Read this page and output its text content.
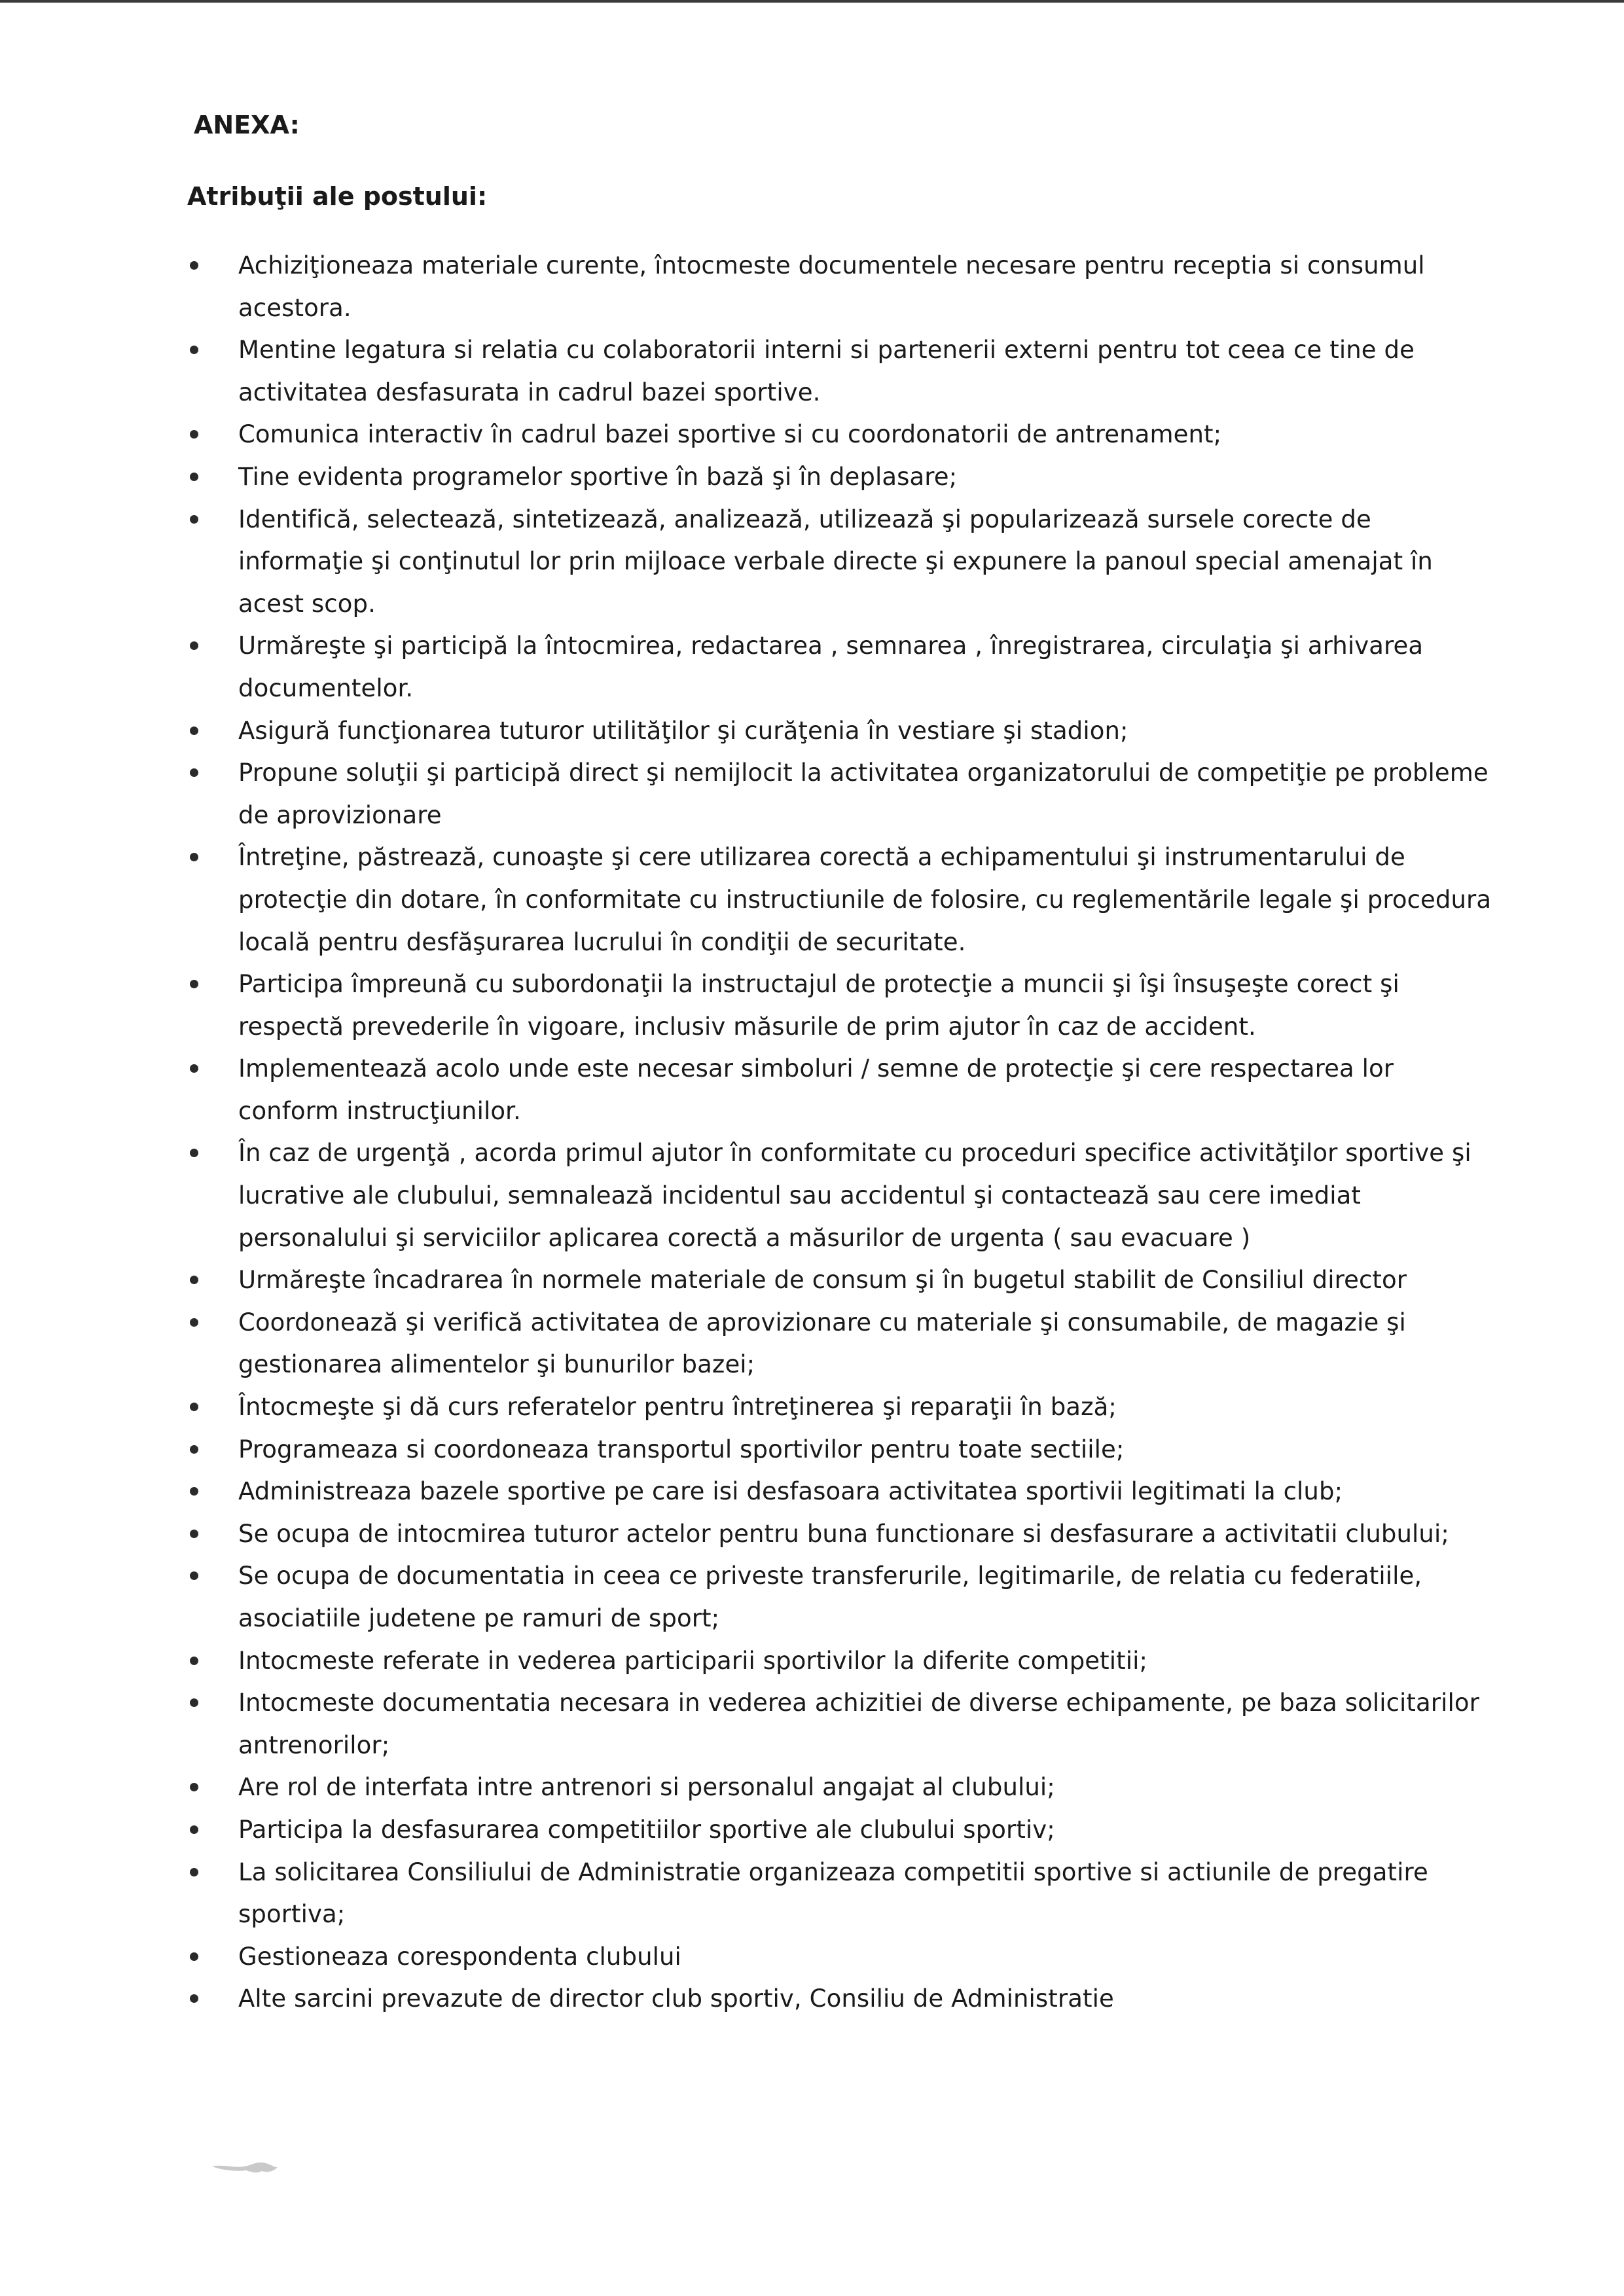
ANEXA:
Atribuţii ale postului:
Achiziţioneaza materiale curente, întocmeste documentele necesare pentru receptia si consumul acestora.
Mentine legatura si relatia cu colaboratorii interni si partenerii externi pentru tot ceea ce tine de activitatea desfasurata in cadrul bazei sportive.
Comunica interactiv în cadrul bazei sportive si cu coordonatorii de antrenament;
Tine evidenta programelor sportive în bază şi în deplasare;
Identifică, selectează, sintetizează, analizează, utilizează şi popularizează sursele corecte de informaţie şi conţinutul lor prin mijloace verbale directe şi expunere la panoul special amenajat în acest scop.
Urmăreşte şi participă la întocmirea, redactarea , semnarea , înregistrarea, circulaţia şi arhivarea documentelor.
Asigură funcţionarea tuturor utilităţilor şi curăţenia în vestiare şi stadion;
Propune soluţii şi participă direct şi nemijlocit la activitatea organizatorului de competiţie pe probleme de aprovizionare
Întreţine, păstrează, cunoaşte şi cere utilizarea corectă a echipamentului şi instrumentarului de protecţie din dotare, în conformitate cu instructiunile de folosire, cu reglementările legale şi procedura locală pentru desfăşurarea lucrului în condiţii de securitate.
Participa împreună cu subordonaţii la instructajul de protecţie a muncii şi îşi însuşeşte corect şi respectă prevederile în vigoare, inclusiv măsurile de prim ajutor în caz de accident.
Implementează acolo unde este necesar simboluri / semne de protecţie şi cere respectarea lor conform instrucţiunilor.
În caz de urgenţă , acorda primul ajutor în conformitate cu proceduri specifice activităţilor sportive şi lucrative ale clubului, semnalează incidentul sau accidentul şi contactează sau cere imediat personalului şi serviciilor aplicarea corectă a măsurilor de urgenta ( sau evacuare )
Urmăreşte încadrarea în normele materiale de consum şi în bugetul stabilit de Consiliul director
Coordonează şi verifică activitatea de aprovizionare cu materiale şi consumabile, de magazie şi gestionarea alimentelor şi bunurilor bazei;
Întocmeşte şi dă curs referatelor pentru întreţinerea şi reparaţii în bază;
Programeaza si coordoneaza transportul sportivilor pentru toate sectiile;
Administreaza bazele sportive pe care isi desfasoara activitatea sportivii legitimati la club;
Se ocupa de intocmirea tuturor actelor pentru buna functionare si desfasurare a activitatii clubului;
Se ocupa de documentatia in ceea ce priveste transferurile, legitimarile, de relatia cu federatiile, asociatiile judetene pe ramuri de sport;
Intocmeste referate in vederea participarii sportivilor la diferite competitii;
Intocmeste documentatia necesara in vederea achizitiei de diverse echipamente, pe baza solicitarilor antrenorilor;
Are rol de interfata intre antrenori si personalul angajat al clubului;
Participa la desfasurarea competitiilor sportive ale clubului sportiv;
La solicitarea Consiliului de Administratie organizeaza competitii sportive si actiunile de pregatire sportiva;
Gestioneaza corespondenta clubului
Alte sarcini prevazute de director club sportiv, Consiliu de Administratie
